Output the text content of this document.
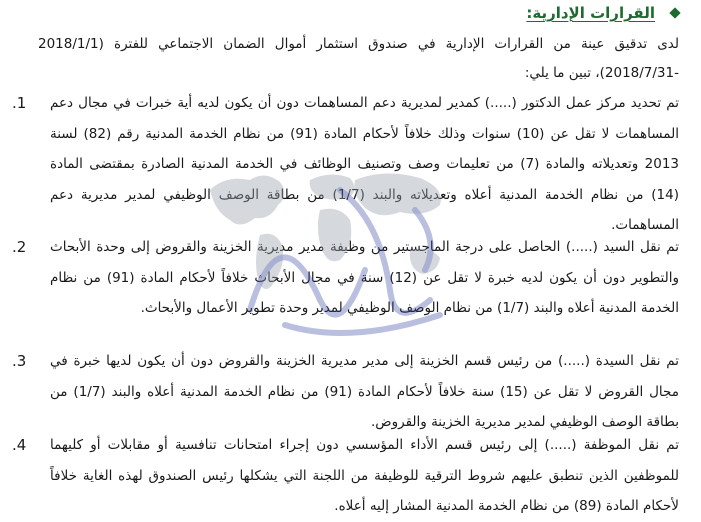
القرارات الإدارية:
لدى تدقيق عينة من القرارات الإدارية في صندوق استثمار أموال الضمان الاجتماعي للفترة (2018/1/1 -2018/7/31)، تبين ما يلي:
تم تحديد مركز عمل الدكتور (.....) كمدير لمديرية دعم المساهمات دون أن يكون لديه أية خبرات في مجال دعم المساهمات لا تقل عن (10) سنوات وذلك خلافاً لأحكام المادة (91) من نظام الخدمة المدنية رقم (82) لسنة 2013 وتعديلاته والمادة (7) من تعليمات وصف وتصنيف الوظائف في الخدمة المدنية الصادرة بمقتضى المادة (14) من نظام الخدمة المدنية أعلاه وتعديلاته والبند (1/7) من بطاقة الوصف الوظيفي لمدير مديرية دعم المساهمات.
.1
تم نقل السيد (.....) الحاصل على درجة الماجستير من وظيفة مدير مديرية الخزينة والقروض إلى وحدة الأبحاث والتطوير دون أن يكون لديه خبرة لا تقل عن (12) سنة في مجال الأبحاث خلافاً لأحكام المادة (91) من نظام الخدمة المدنية أعلاه والبند (1/7) من نظام الوصف الوظيفي لمدير وحدة تطوير الأعمال والأبحاث.
.2
تم نقل السيدة (.....) من رئيس قسم الخزينة إلى مدير مديرية الخزينة والقروض دون أن يكون لديها خبرة في مجال القروض لا تقل عن (15) سنة خلافاً لأحكام المادة (91) من نظام الخدمة المدنية أعلاه والبند (1/7) من بطاقة الوصف الوظيفي لمدير مديرية الخزينة والقروض.
.3
تم نقل الموظفة (.....) إلى رئيس قسم الأداء المؤسسي دون إجراء امتحانات تنافسية أو مقابلات أو كليهما للموظفين الذين تنطبق عليهم شروط الترقية للوظيفة من اللجنة التي يشكلها رئيس الصندوق لهذه الغاية خلافاً لأحكام المادة (89) من نظام الخدمة المدنية المشار إليه أعلاه.
.4
